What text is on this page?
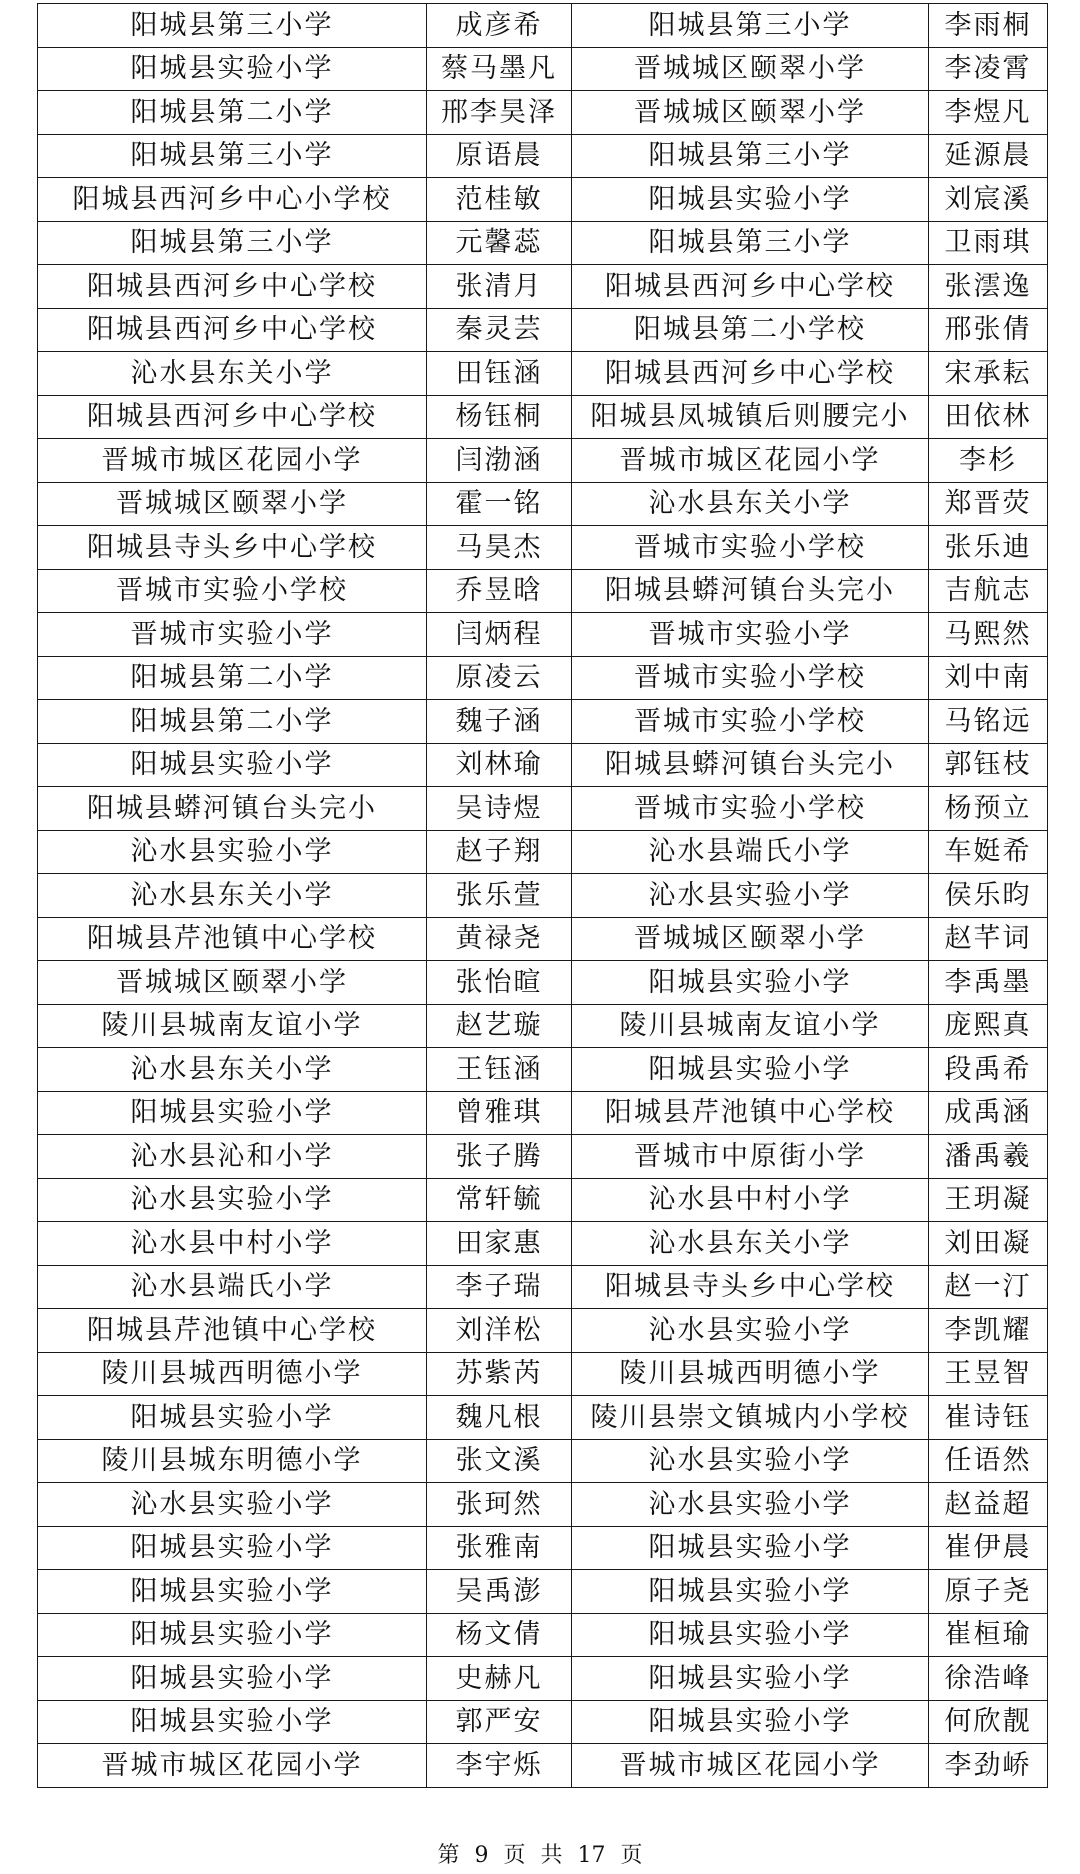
阳城县第三小学	成彦希	阳城县第三小学	李雨桐
阳城县实验小学	蔡马墨凡	晋城城区颐翠小学	李凌霄
阳城县第二小学	邢李昊泽	晋城城区颐翠小学	李煜凡
阳城县第三小学	原语晨	阳城县第三小学	延源晨
阳城县西河乡中心小学校	范桂敏	阳城县实验小学	刘宸溪
阳城县第三小学	元馨蕊	阳城县第三小学	卫雨琪
阳城县西河乡中心学校	张清月	阳城县西河乡中心学校	张澐逸
阳城县西河乡中心学校	秦灵芸	阳城县第二小学校	邢张倩
沁水县东关小学	田钰涵	阳城县西河乡中心学校	宋承耘
阳城县西河乡中心学校	杨钰桐	阳城县凤城镇后则腰完小	田依林
晋城市城区花园小学	闫渤涵	晋城市城区花园小学	李杉
晋城城区颐翠小学	霍一铭	沁水县东关小学	郑晋荧
阳城县寺头乡中心学校	马昊杰	晋城市实验小学校	张乐迪
晋城市实验小学校	乔昱晗	阳城县蟒河镇台头完小	吉航志
晋城市实验小学	闫炳程	晋城市实验小学	马熙然
阳城县第二小学	原凌云	晋城市实验小学校	刘中南
阳城县第二小学	魏子涵	晋城市实验小学校	马铭远
阳城县实验小学	刘林瑜	阳城县蟒河镇台头完小	郭钰枝
阳城县蟒河镇台头完小	吴诗煜	晋城市实验小学校	杨预立
沁水县实验小学	赵子翔	沁水县端氏小学	车娗希
沁水县东关小学	张乐萱	沁水县实验小学	侯乐昀
阳城县芹池镇中心学校	黄禄尧	晋城城区颐翠小学	赵芊词
晋城城区颐翠小学	张怡暄	阳城县实验小学	李禹墨
陵川县城南友谊小学	赵艺璇	陵川县城南友谊小学	庞熙真
沁水县东关小学	王钰涵	阳城县实验小学	段禹希
阳城县实验小学	曾雅琪	阳城县芹池镇中心学校	成禹涵
沁水县沁和小学	张子腾	晋城市中原街小学	潘禹羲
沁水县实验小学	常轩毓	沁水县中村小学	王玥凝
沁水县中村小学	田家惠	沁水县东关小学	刘田凝
沁水县端氏小学	李子瑞	阳城县寺头乡中心学校	赵一汀
阳城县芹池镇中心学校	刘洋松	沁水县实验小学	李凯耀
陵川县城西明德小学	苏紫芮	陵川县城西明德小学	王昱智
阳城县实验小学	魏凡根	陵川县崇文镇城内小学校	崔诗钰
陵川县城东明德小学	张文溪	沁水县实验小学	任语然
沁水县实验小学	张珂然	沁水县实验小学	赵益超
阳城县实验小学	张雅南	阳城县实验小学	崔伊晨
阳城县实验小学	吴禹澎	阳城县实验小学	原子尧
阳城县实验小学	杨文倩	阳城县实验小学	崔桓瑜
阳城县实验小学	史赫凡	阳城县实验小学	徐浩峰
阳城县实验小学	郭严安	阳城县实验小学	何欣靓
晋城市城区花园小学	李宇烁	晋城市城区花园小学	李劲峤
第 9 页 共 17 页
